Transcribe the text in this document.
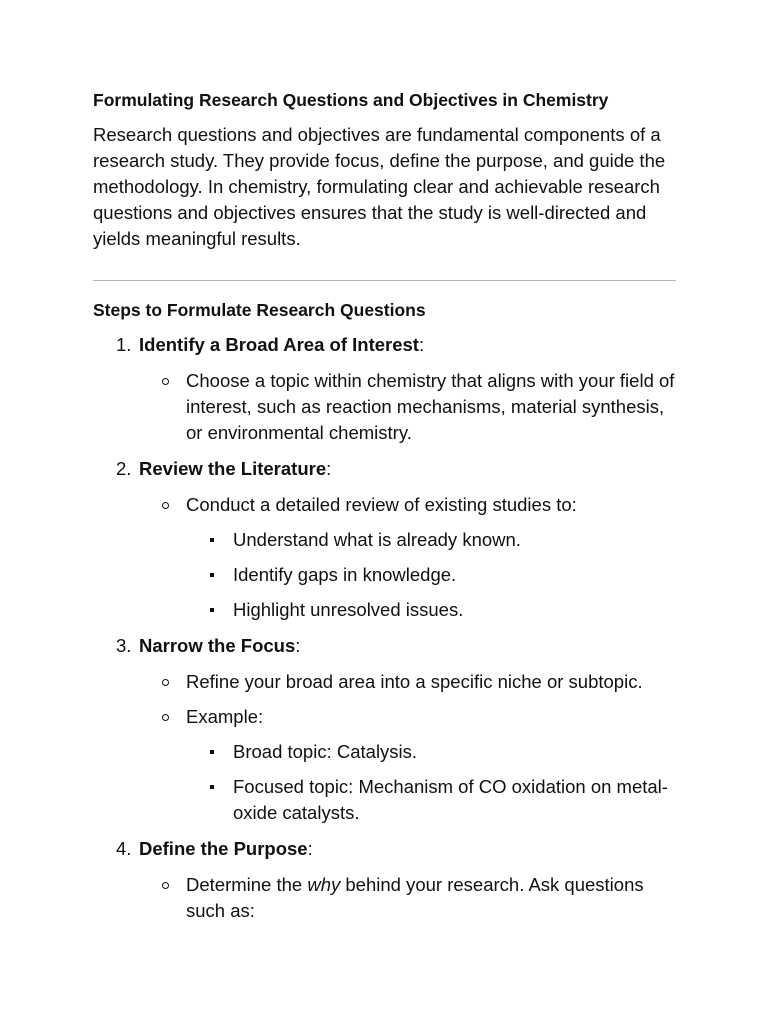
Formulating Research Questions and Objectives in Chemistry

Research questions and objectives are fundamental components of a research study. They provide focus, define the purpose, and guide the methodology. In chemistry, formulating clear and achievable research questions and objectives ensures that the study is well-directed and yields meaningful results.

Steps to Formulate Research Questions
1. Identify a Broad Area of Interest:
Choose a topic within chemistry that aligns with your field of interest, such as reaction mechanisms, material synthesis, or environmental chemistry.
2. Review the Literature:
Conduct a detailed review of existing studies to:
Understand what is already known.
Identify gaps in knowledge.
Highlight unresolved issues.
3. Narrow the Focus:
Refine your broad area into a specific niche or subtopic.
Example:
Broad topic: Catalysis.
Focused topic: Mechanism of CO oxidation on metal-oxide catalysts.
4. Define the Purpose:
Determine the why behind your research. Ask questions such as:
